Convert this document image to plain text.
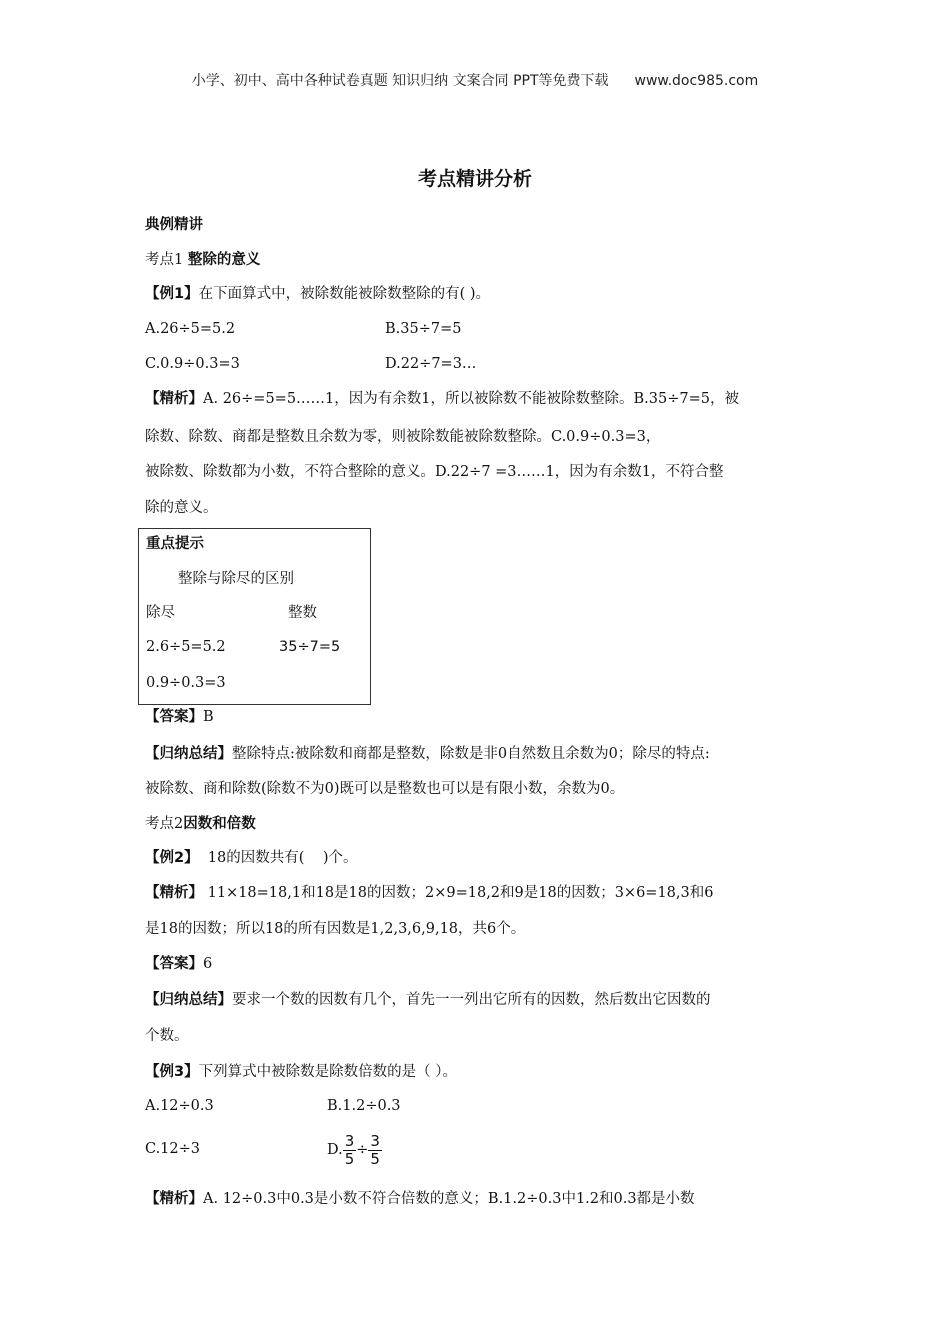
小学、初中、高中各种试卷真题 知识归纳 文案合同 PPT等免费下载 www.doc985.com
考点精讲分析
典例精讲
考点1 整除的意义
【例1】在下面算式中，被除数能被除数整除的有( )。
A.26÷5=5.2	B.35÷7=5
C.0.9÷0.3=3	D.22÷7=3…
【精析】A. 26÷=5=5……1，因为有余数1，所以被除数不能被除数整除。B.35÷7=5，被
除数、除数、商都是整数且余数为零，则被除数能被除数整除。C.0.9÷0.3=3，
被除数、除数都为小数，不符合整除的意义。D.22÷7 =3……1，因为有余数1，不符合整
除的意义。
重点提示
整除与除尽的区别
除尽	整数
2.6÷5=5.2	35÷7=5
0.9÷0.3=3
【答案】B
【归纳总结】整除特点:被除数和商都是整数，除数是非0自然数且余数为0；除尽的特点:
被除数、商和除数(除数不为0)既可以是整数也可以是有限小数，余数为0。
考点2因数和倍数
【例2】  18的因数共有(    )个。
【精析】 11×18=18,1和18是18的因数；2×9=18,2和9是18的因数；3×6=18,3和6
是18的因数；所以18的所有因数是1,2,3,6,9,18，共6个。
【答案】6
【归纳总结】要求一个数的因数有几个，首先一一列出它所有的因数，然后数出它因数的
个数。
【例3】下列算式中被除数是除数倍数的是（ ）。
A.12÷0.3	B.1.2÷0.3
C.12÷3	D. $\frac{3}{5} \div \frac{3}{5}$
【精析】A. 12÷0.3中0.3是小数不符合倍数的意义；B.1.2÷0.3中1.2和0.3都是小数
